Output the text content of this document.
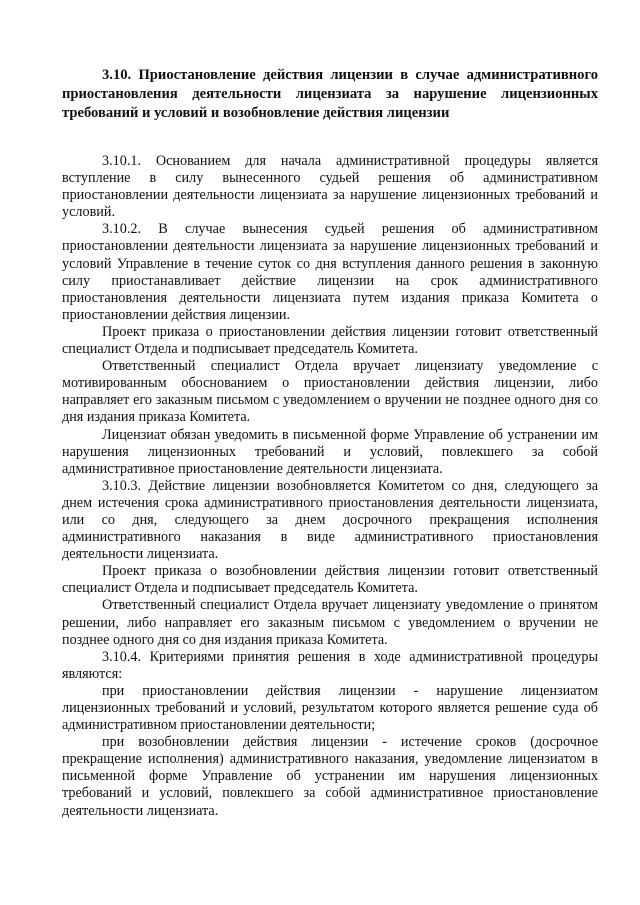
3.10. Приостановление действия лицензии в случае административного приостановления деятельности лицензиата за нарушение лицензионных требований и условий и возобновление действия лицензии

3.10.1. Основанием для начала административной процедуры является вступление в силу вынесенного судьей решения об административном приостановлении деятельности лицензиата за нарушение лицензионных требований и условий.

3.10.2. В случае вынесения судьей решения об административном приостановлении деятельности лицензиата за нарушение лицензионных требований и условий Управление в течение суток со дня вступления данного решения в законную силу приостанавливает действие лицензии на срок административного приостановления деятельности лицензиата путем издания приказа Комитета о приостановлении действия лицензии.

Проект приказа о приостановлении действия лицензии готовит ответственный специалист Отдела и подписывает председатель Комитета.

Ответственный специалист Отдела вручает лицензиату уведомление с мотивированным обоснованием о приостановлении действия лицензии, либо направляет его заказным письмом с уведомлением о вручении не позднее одного дня со дня издания приказа Комитета.

Лицензиат обязан уведомить в письменной форме Управление об устранении им нарушения лицензионных требований и условий, повлекшего за собой административное приостановление деятельности лицензиата.

3.10.3. Действие лицензии возобновляется Комитетом со дня, следующего за днем истечения срока административного приостановления деятельности лицензиата, или со дня, следующего за днем досрочного прекращения исполнения административного наказания в виде административного приостановления деятельности лицензиата.

Проект приказа о возобновлении действия лицензии готовит ответственный специалист Отдела и подписывает председатель Комитета.

Ответственный специалист Отдела вручает лицензиату уведомление о принятом решении, либо направляет его заказным письмом с уведомлением о вручении не позднее одного дня со дня издания приказа Комитета.

3.10.4. Критериями принятия решения в ходе административной процедуры являются:

при приостановлении действия лицензии - нарушение лицензиатом лицензионных требований и условий, результатом которого является решение суда об административном приостановлении деятельности;

при возобновлении действия лицензии - истечение сроков (досрочное прекращение исполнения) административного наказания, уведомление лицензиатом в письменной форме Управление об устранении им нарушения лицензионных требований и условий, повлекшего за собой административное приостановление деятельности лицензиата.
